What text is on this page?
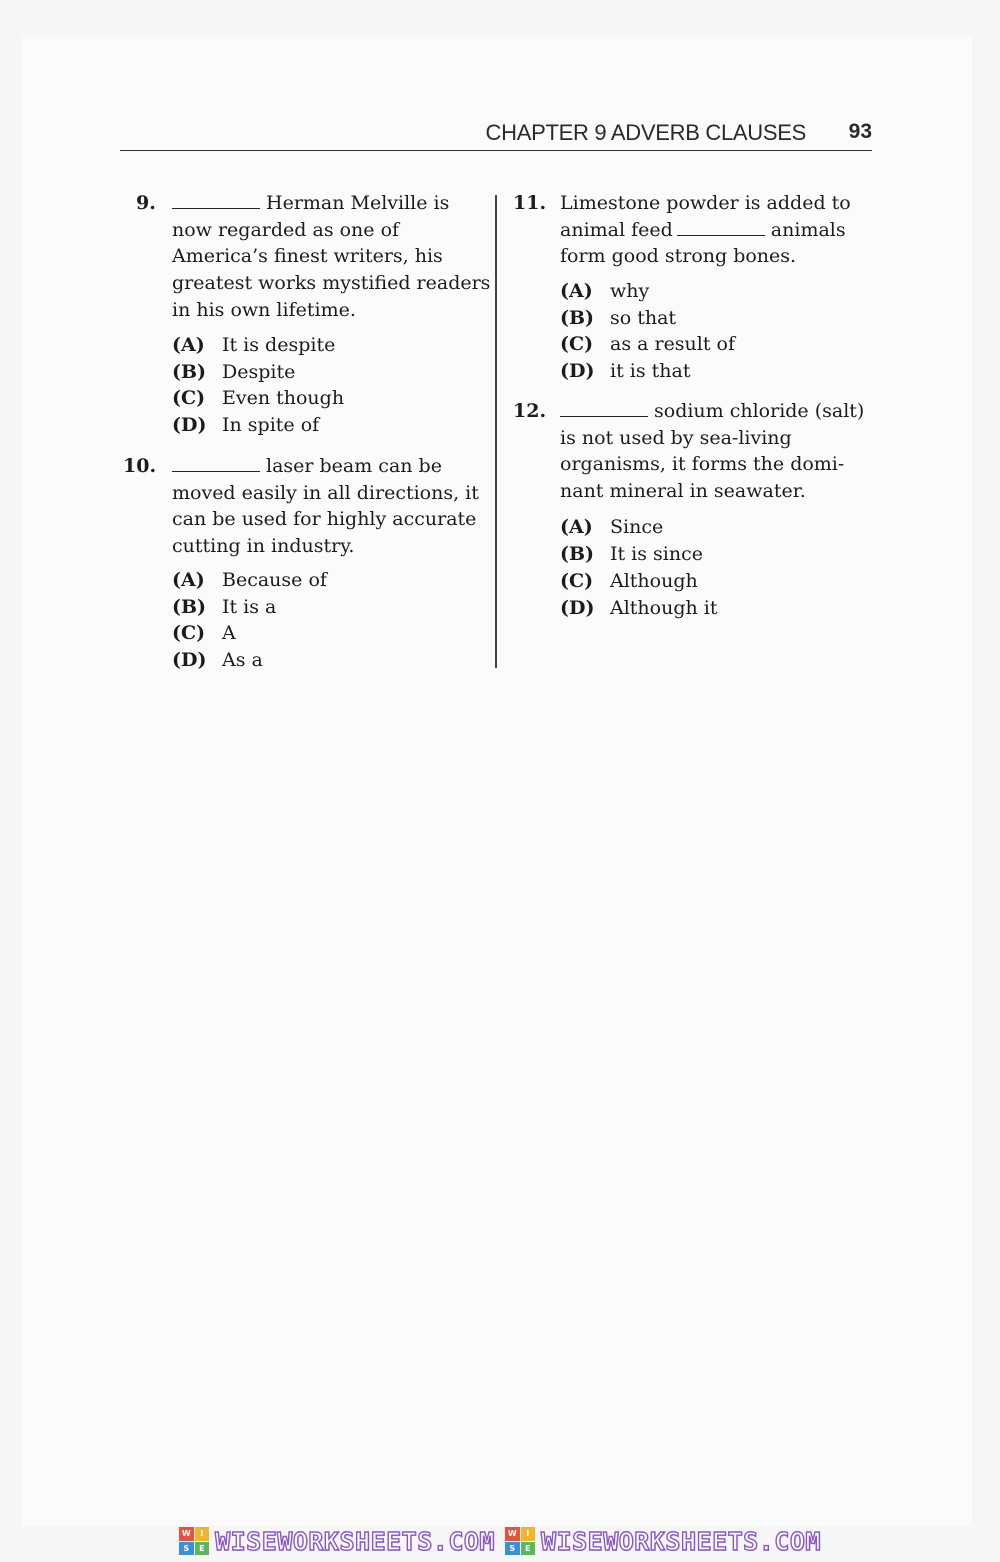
CHAPTER 9 ADVERB CLAUSES 93
9.	Herman Melville is
now regarded as one of
America’s finest writers, his
greatest works mystified readers
in his own lifetime.
(A) It is despite
(B) Despite
(C) Even though
(D) In spite of
10.	laser beam can be
moved easily in all directions, it
can be used for highly accurate
cutting in industry.
(A) Because of
(B) It is a
(C) A
(D) As a
11. Limestone powder is added to
animal feed	animals
form good strong bones.
(A) why
(B) so that
(C) as a result of
(D) it is that
12.	sodium chloride (salt)
is not used by sea-living
organisms, it forms the domi-
nant mineral in seawater.
(A) Since
(B) It is since
(C) Although
(D) Although it
W	I
S	E WISEWORKSHEETS.COM	W	I
S	E WISEWORKSHEETS.COM
